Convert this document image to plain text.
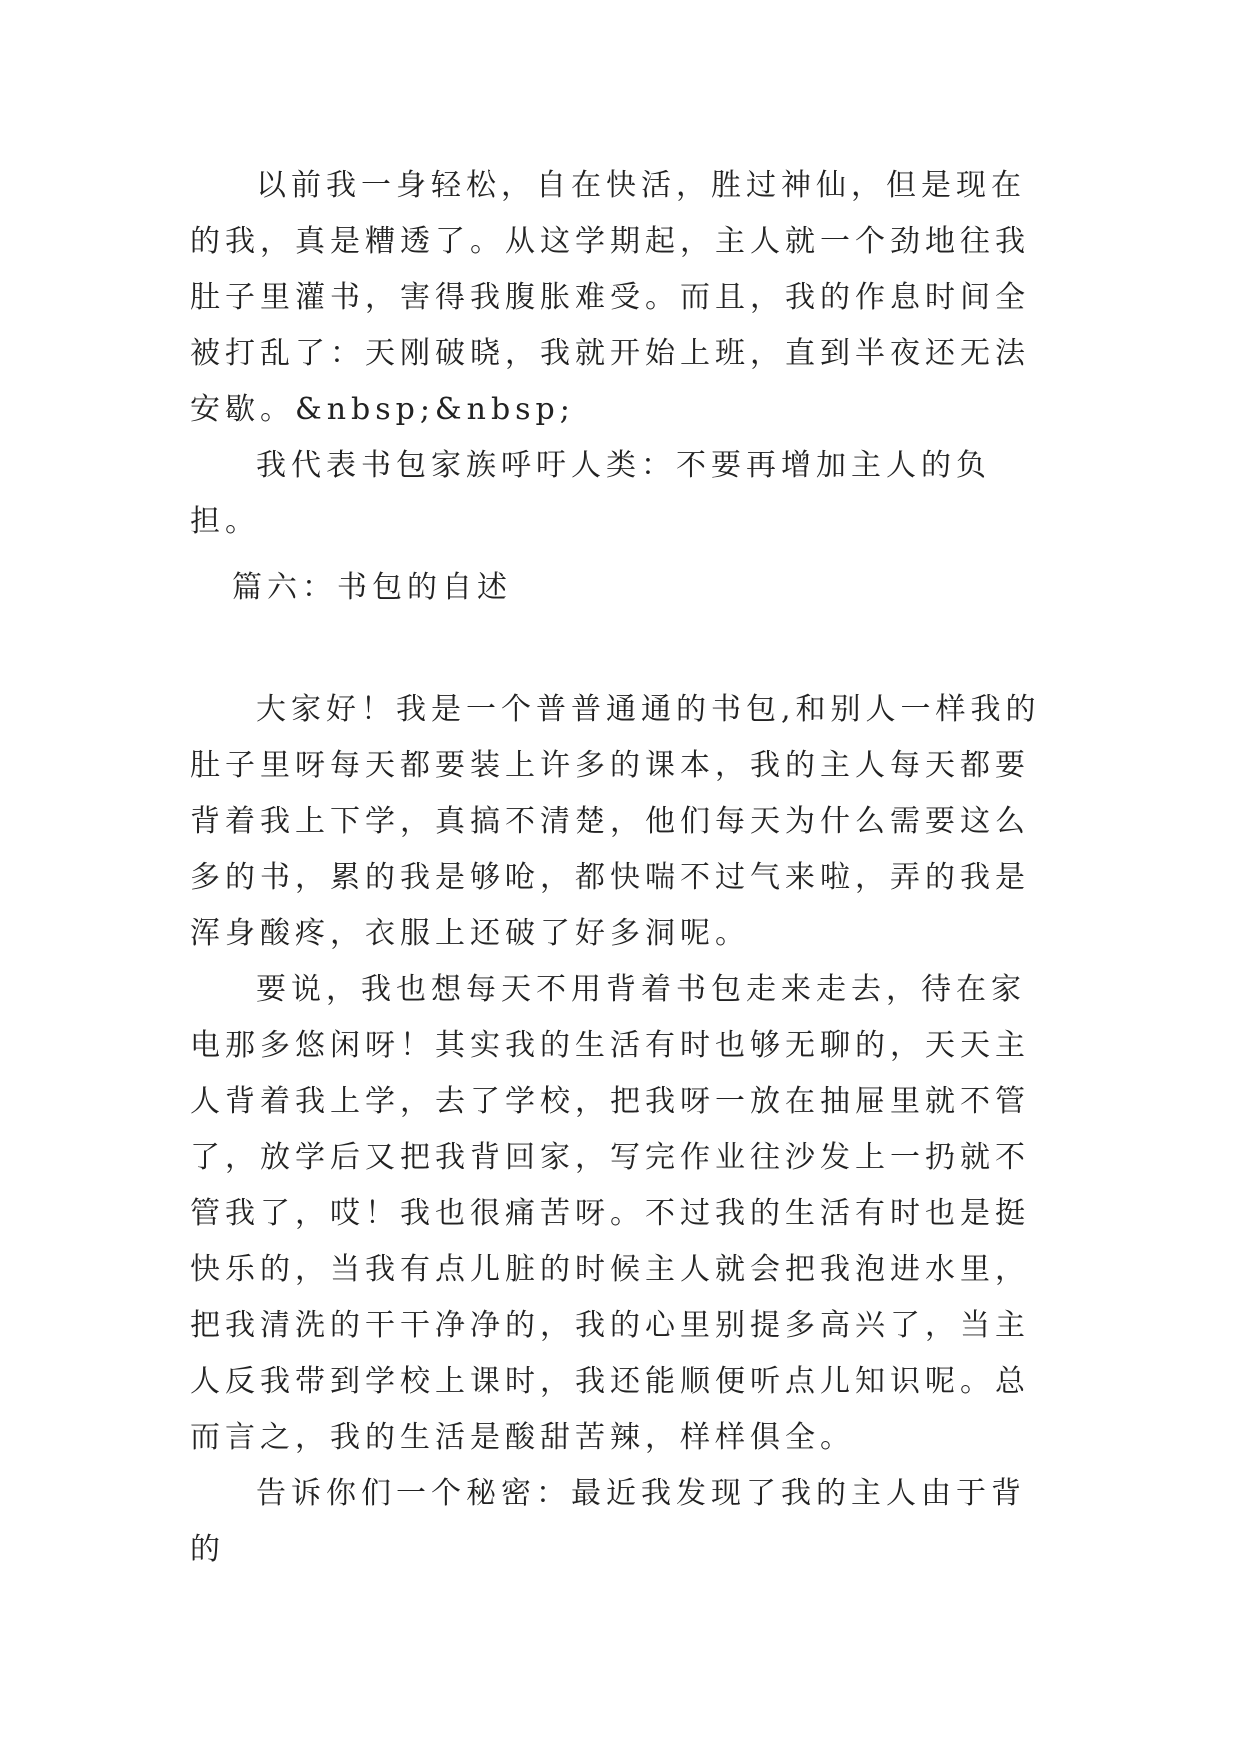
以前我一身轻松，自在快活，胜过神仙，但是现在的我，真是糟透了。从这学期起，主人就一个劲地往我肚子里灌书，害得我腹胀难受。而且，我的作息时间全被打乱了：天刚破晓，我就开始上班，直到半夜还无法安歇。&nbsp;&nbsp;

我代表书包家族呼吁人类：不要再增加主人的负担。

篇六：书包的自述

大家好！我是一个普普通通的书包,和别人一样我的肚子里呀每天都要装上许多的课本，我的主人每天都要背着我上下学，真搞不清楚，他们每天为什么需要这么多的书，累的我是够呛，都快喘不过气来啦，弄的我是浑身酸疼，衣服上还破了好多洞呢。

要说，我也想每天不用背着书包走来走去，待在家电那多悠闲呀！其实我的生活有时也够无聊的，天天主人背着我上学，去了学校，把我呀一放在抽屉里就不管了，放学后又把我背回家，写完作业往沙发上一扔就不管我了，哎！我也很痛苦呀。不过我的生活有时也是挺快乐的，当我有点儿脏的时候主人就会把我泡进水里，把我清洗的干干净净的，我的心里别提多高兴了，当主人反我带到学校上课时，我还能顺便听点儿知识呢。总而言之，我的生活是酸甜苦辣，样样俱全。

告诉你们一个秘密：最近我发现了我的主人由于背的
